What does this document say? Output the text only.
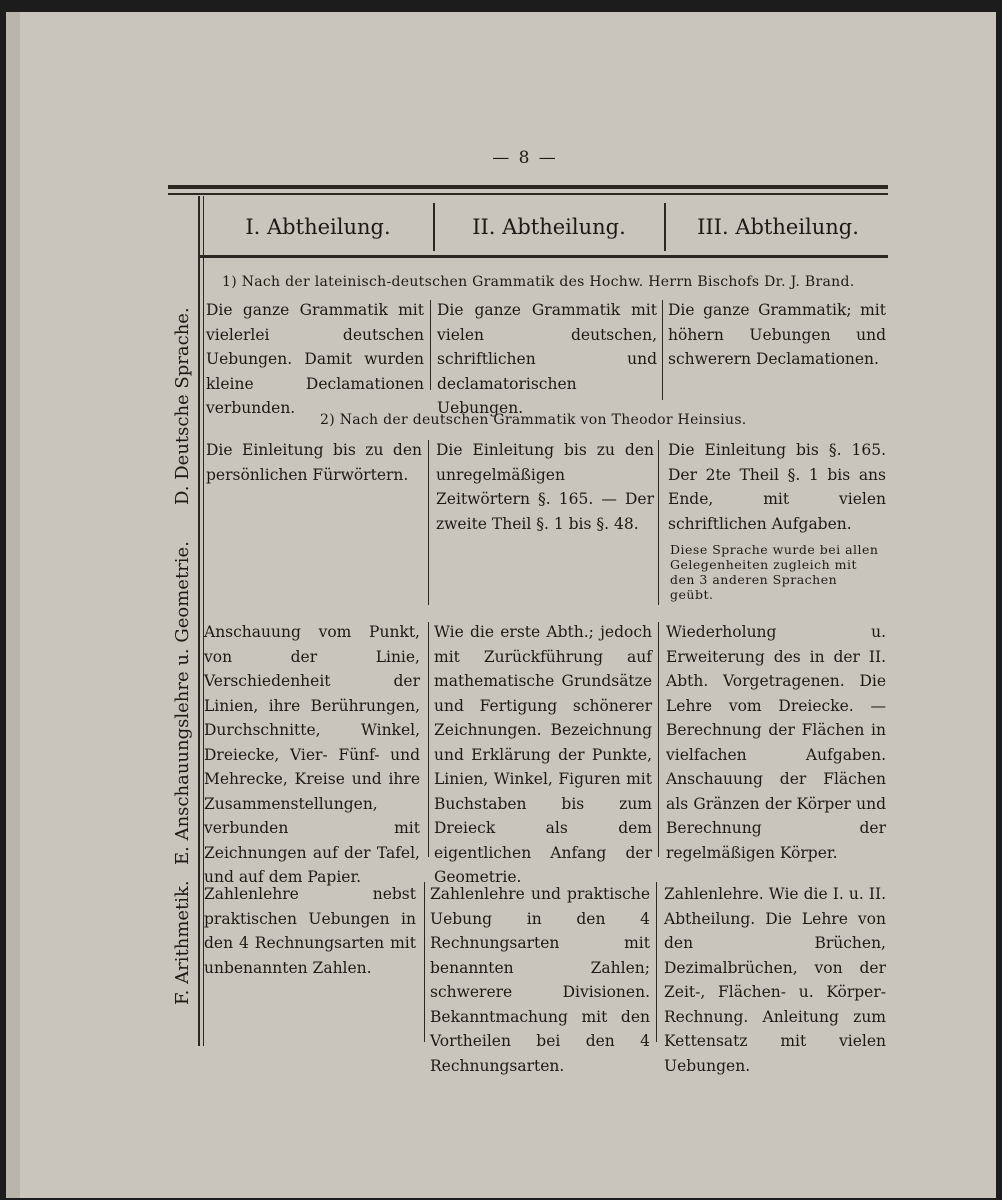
— 8 —
I. Abtheilung.	II. Abtheilung.	III. Abtheilung.
D. Deutsche Sprache.
E. Anschauungslehre u. Geometrie.
F. Arithmetik.
1) Nach der lateinisch-deutschen Grammatik des Hochw. Herrn Bischofs Dr. J. Brand.

Die ganze Grammatik mit vielerlei deutschen Uebungen. Damit wurden kleine Declamationen verbunden.

Die ganze Grammatik mit vielen deutschen, schriftlichen und declamatorischen Uebungen.

Die ganze Grammatik; mit höhern Uebungen und schwerern Declamationen.

2) Nach der deutschen Grammatik von Theodor Heinsius.

Die Einleitung bis zu den persönlichen Fürwörtern.

Die Einleitung bis zu den unregelmäßigen Zeitwörtern §. 165. — Der zweite Theil §. 1 bis §. 48.

Die Einleitung bis §. 165. Der 2te Theil §. 1 bis ans Ende, mit vielen schriftlichen Aufgaben.

Diese Sprache wurde bei allen Gelegenheiten zugleich mit den 3 anderen Sprachen geübt.

Anschauung vom Punkt, von der Linie, Verschiedenheit der Linien, ihre Berührungen, Durchschnitte, Winkel, Dreiecke, Vier- Fünf- und Mehrecke, Kreise und ihre Zusammenstellungen, verbunden mit Zeichnungen auf der Tafel, und auf dem Papier.

Wie die erste Abth.; jedoch mit Zurückführung auf mathematische Grundsätze und Fertigung schönerer Zeichnungen. Bezeichnung und Erklärung der Punkte, Linien, Winkel, Figuren mit Buchstaben bis zum Dreieck als dem eigentlichen Anfang der Geometrie.

Wiederholung u. Erweiterung des in der II. Abth. Vorgetragenen. Die Lehre vom Dreiecke. — Berechnung der Flächen in vielfachen Aufgaben. Anschauung der Flächen als Gränzen der Körper und Berechnung der regelmäßigen Körper.

Zahlenlehre nebst praktischen Uebungen in den 4 Rechnungsarten mit unbenannten Zahlen.

Zahlenlehre und praktische Uebung in den 4 Rechnungsarten mit benannten Zahlen; schwerere Divisionen. Bekanntmachung mit den Vortheilen bei den 4 Rechnungsarten.

Zahlenlehre. Wie die I. u. II. Abtheilung. Die Lehre von den Brüchen, Dezimalbrüchen, von der Zeit-, Flächen- u. Körper-Rechnung. Anleitung zum Kettensatz mit vielen Uebungen.
